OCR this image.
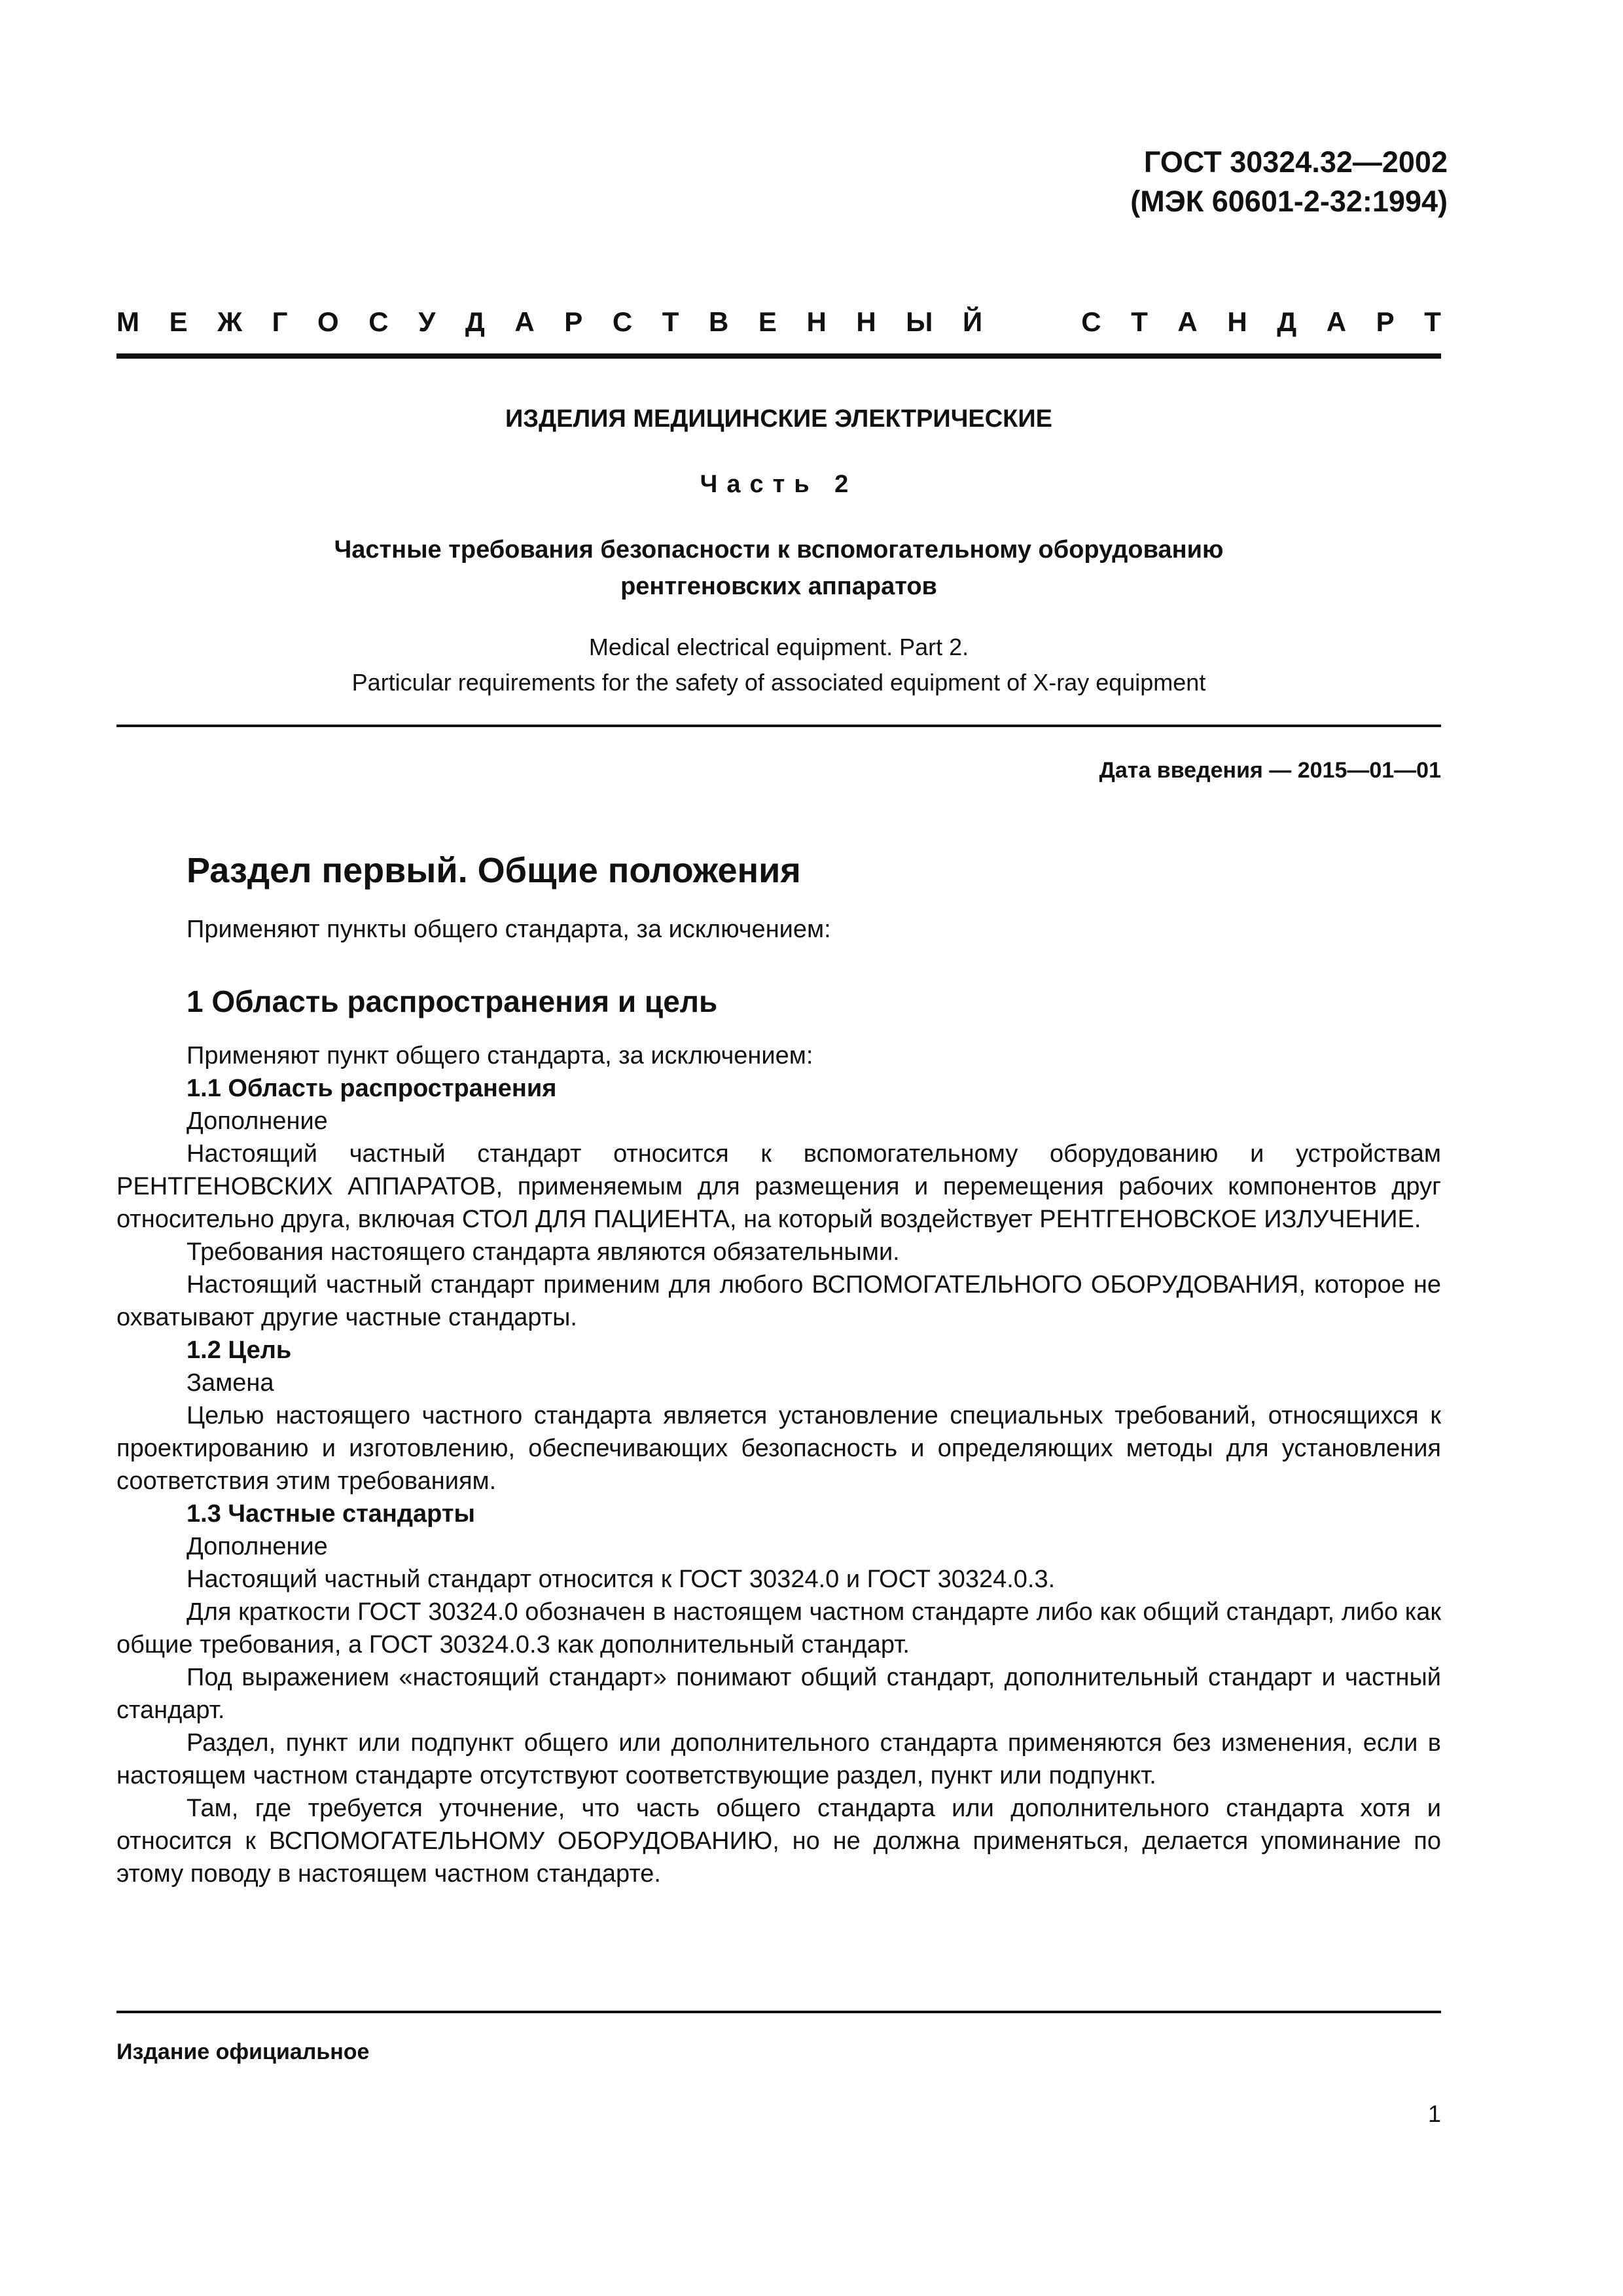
ГОСТ 30324.32—2002
(МЭК 60601-2-32:1994)
М Е Ж Г О С У Д А Р С Т В Е Н Н Ы Й	С Т А Н Д А Р Т
ИЗДЕЛИЯ МЕДИЦИНСКИЕ ЭЛЕКТРИЧЕСКИЕ
Часть 2
Частные требования безопасности к вспомогательному оборудованию
рентгеновских аппаратов
Medical electrical equipment. Part 2.
Particular requirements for the safety of associated equipment of X-ray equipment
Дата введения — 2015—01—01
Раздел первый. Общие положения

Применяют пункты общего стандарта, за исключением:

1 Область распространения и цель

Применяют пункт общего стандарта, за исключением:

1.1 Область распространения

Дополнение

Настоящий частный стандарт относится к вспомогательному оборудованию и устройствам РЕНТГЕНОВСКИХ АППАРАТОВ, применяемым для размещения и перемещения рабочих компонентов друг относительно друга, включая СТОЛ ДЛЯ ПАЦИЕНТА, на который воздействует РЕНТГЕНОВСКОЕ ИЗЛУЧЕНИЕ.

Требования настоящего стандарта являются обязательными.

Настоящий частный стандарт применим для любого ВСПОМОГАТЕЛЬНОГО ОБОРУДОВАНИЯ, которое не охватывают другие частные стандарты.

1.2 Цель

Замена

Целью настоящего частного стандарта является установление специальных требований, относящихся к проектированию и изготовлению, обеспечивающих безопасность и определяющих методы для установления соответствия этим требованиям.

1.3 Частные стандарты

Дополнение

Настоящий частный стандарт относится к ГОСТ 30324.0 и ГОСТ 30324.0.3.

Для краткости ГОСТ 30324.0 обозначен в настоящем частном стандарте либо как общий стандарт, либо как общие требования, а ГОСТ 30324.0.3 как дополнительный стандарт.

Под выражением «настоящий стандарт» понимают общий стандарт, дополнительный стандарт и частный стандарт.

Раздел, пункт или подпункт общего или дополнительного стандарта применяются без изменения, если в настоящем частном стандарте отсутствуют соответствующие раздел, пункт или подпункт.

Там, где требуется уточнение, что часть общего стандарта или дополнительного стандарта хотя и относится к ВСПОМОГАТЕЛЬНОМУ ОБОРУДОВАНИЮ, но не должна применяться, делается упоминание по этому поводу в настоящем частном стандарте.

Издание официальное
1
